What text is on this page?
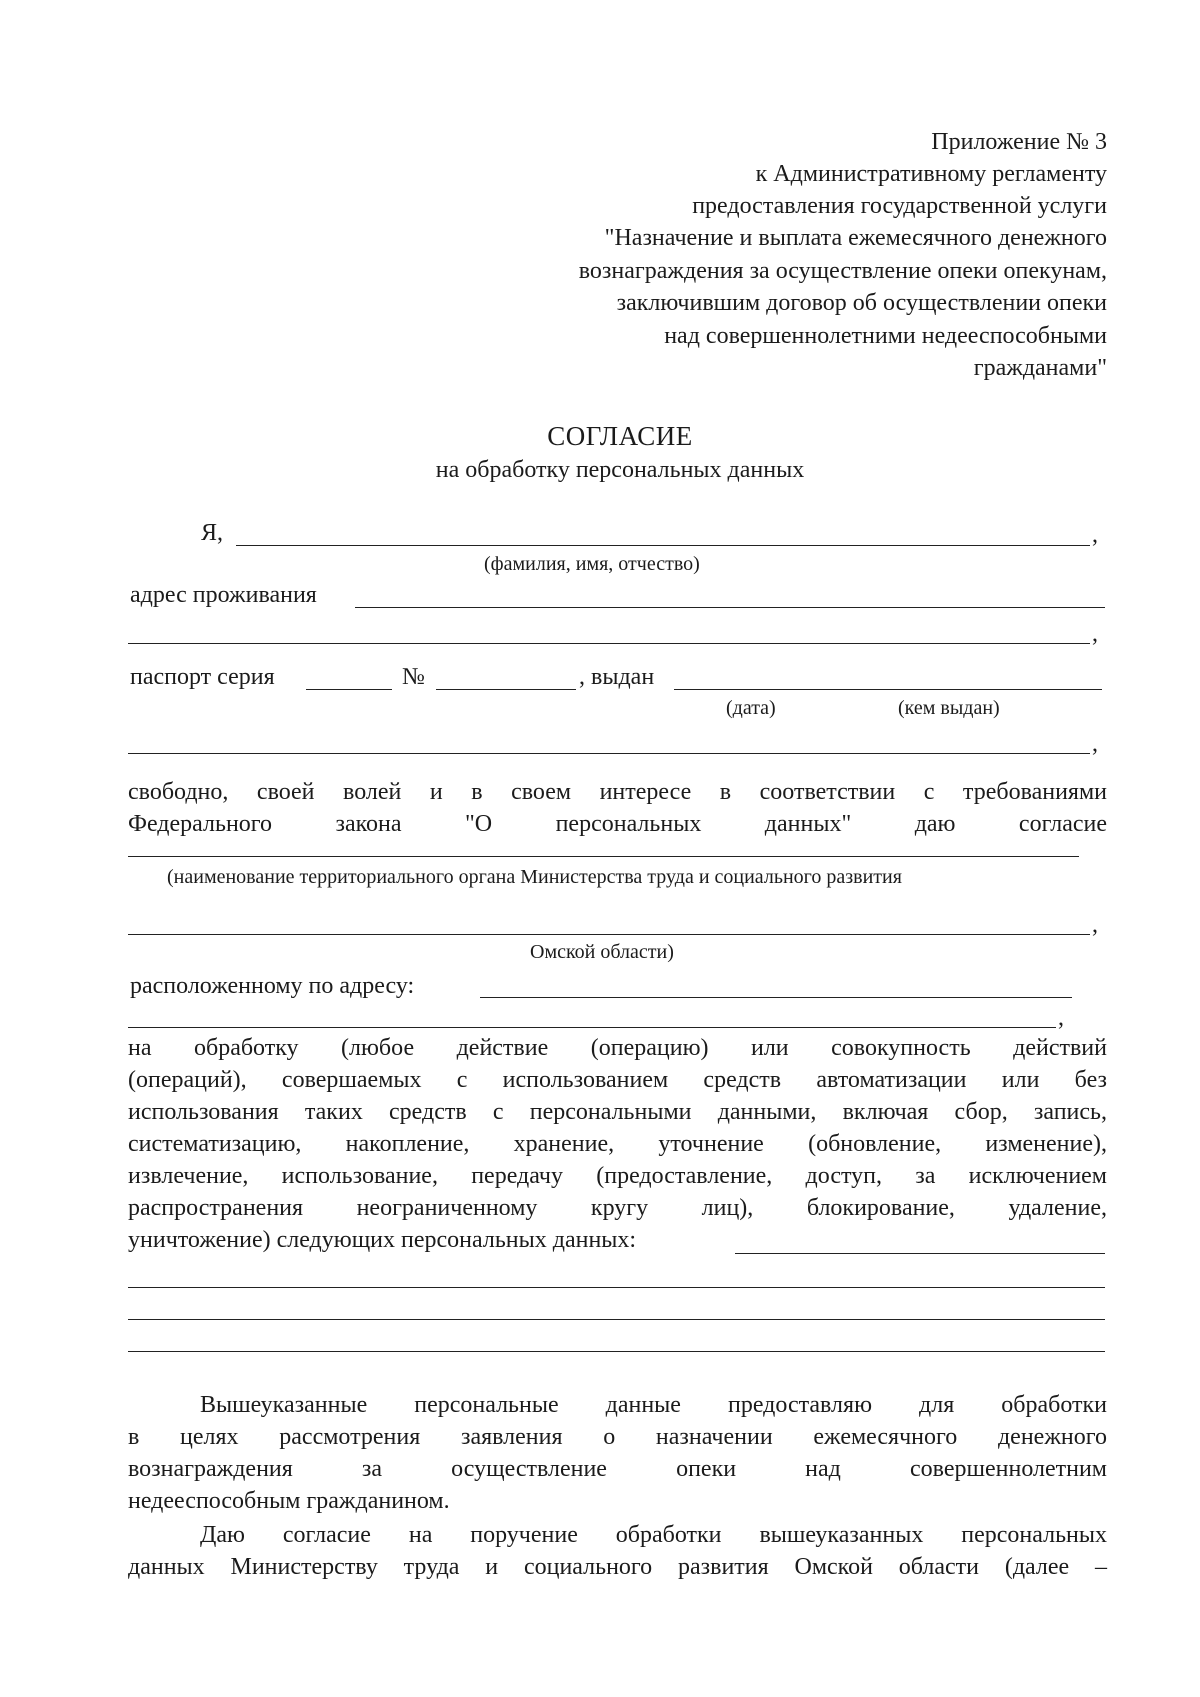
Приложение № 3
к Административному регламенту
предоставления государственной услуги
"Назначение и выплата ежемесячного денежного
вознаграждения за осуществление опеки опекунам,
заключившим договор об осуществлении опеки
над совершеннолетними недееспособными
гражданами"
СОГЛАСИЕ
на обработку персональных данных
Я,	,
(фамилия, имя, отчество)
адрес проживания
,
паспорт серия	№	, выдан
(дата)	(кем выдан)
,
свободно, своей волей и в своем интересе в соответствии с требованиями
Федерального закона "О персональных данных" даю согласие
(наименование территориального органа Министерства труда и социального развития
,
Омской области)
расположенному по адресу:
,
на обработку (любое действие (операцию) или совокупность действий
(операций), совершаемых с использованием средств автоматизации или без
использования таких средств с персональными данными, включая сбор, запись,
систематизацию, накопление, хранение, уточнение (обновление, изменение),
извлечение, использование, передачу (предоставление, доступ, за исключением
распространения неограниченному кругу лиц), блокирование, удаление,
уничтожение) следующих персональных данных:
Вышеуказанные персональные данные предоставляю для обработки
в целях рассмотрения заявления о назначении ежемесячного денежного
вознаграждения за осуществление опеки над совершеннолетним
недееспособным гражданином.
Даю согласие на поручение обработки вышеуказанных персональных
данных Министерству труда и социального развития Омской области (далее –
